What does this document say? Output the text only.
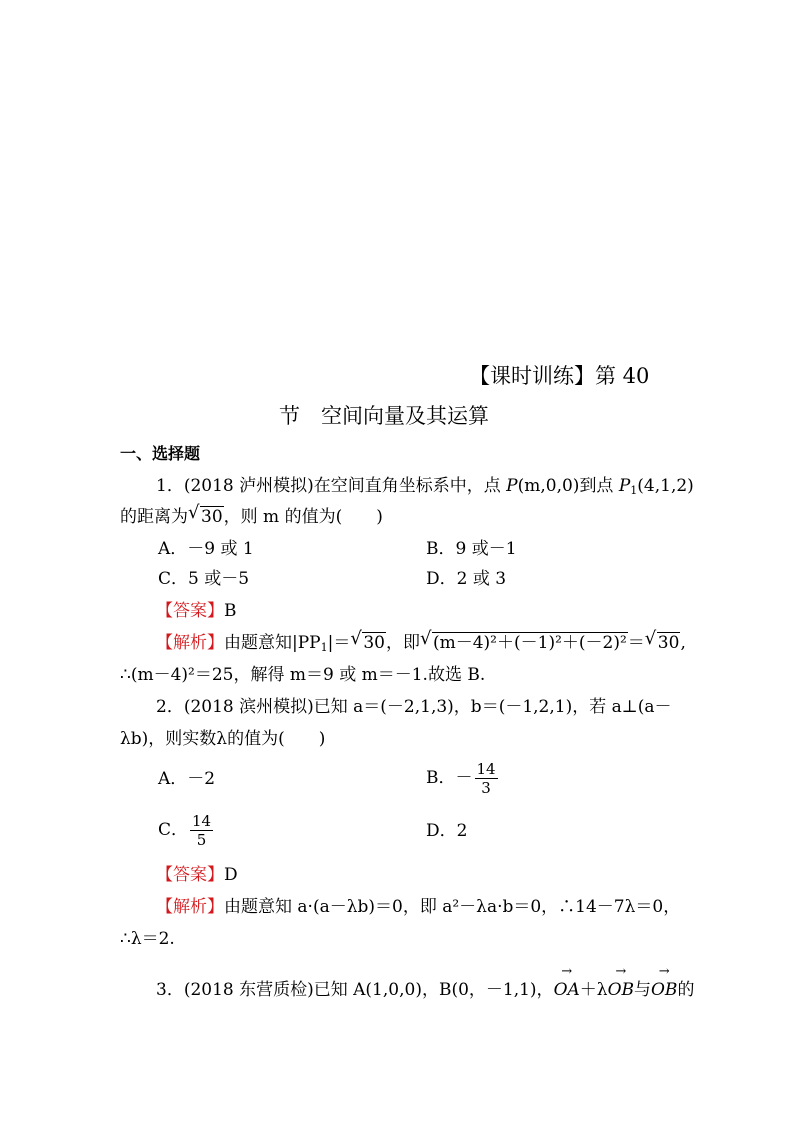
【课时训练】第 40
节　空间向量及其运算
一、选择题
1．(2018 泸州模拟)在空间直角坐标系中，点 P(m,0,0)到点 $P_1(4,1,2)$
的距离为 √ 30，则 m 的值为(　　)
A．－9 或 1	B．9 或－1
C．5 或－5	D．2 或 3
【答案】B
【解析】由题意知$|PP_1|=$ √ 30，即 √ (m－4)²＋(－1)²＋(－2)²＝ √ 30,
∴(m－4)²＝25，解得 m＝9 或 m＝－1.故选 B.
2．(2018 滨州模拟)已知 a＝(－2,1,3)，b＝(－1,2,1)，若 a⊥(a－
λb)，则实数λ的值为(　　)
A．－2	B．－ $\frac{14}{3}$
C． $\frac{14}{5}$	D．2
【答案】D
【解析】由题意知 a·(a－λb)＝0，即 a²－λa·b＝0，∴14－7λ＝0，
∴λ＝2.
3．(2018 东营质检)已知 A(1,0,0)，B(0，－1,1)，
→
OA＋λ
→
OB与
→
OB的
